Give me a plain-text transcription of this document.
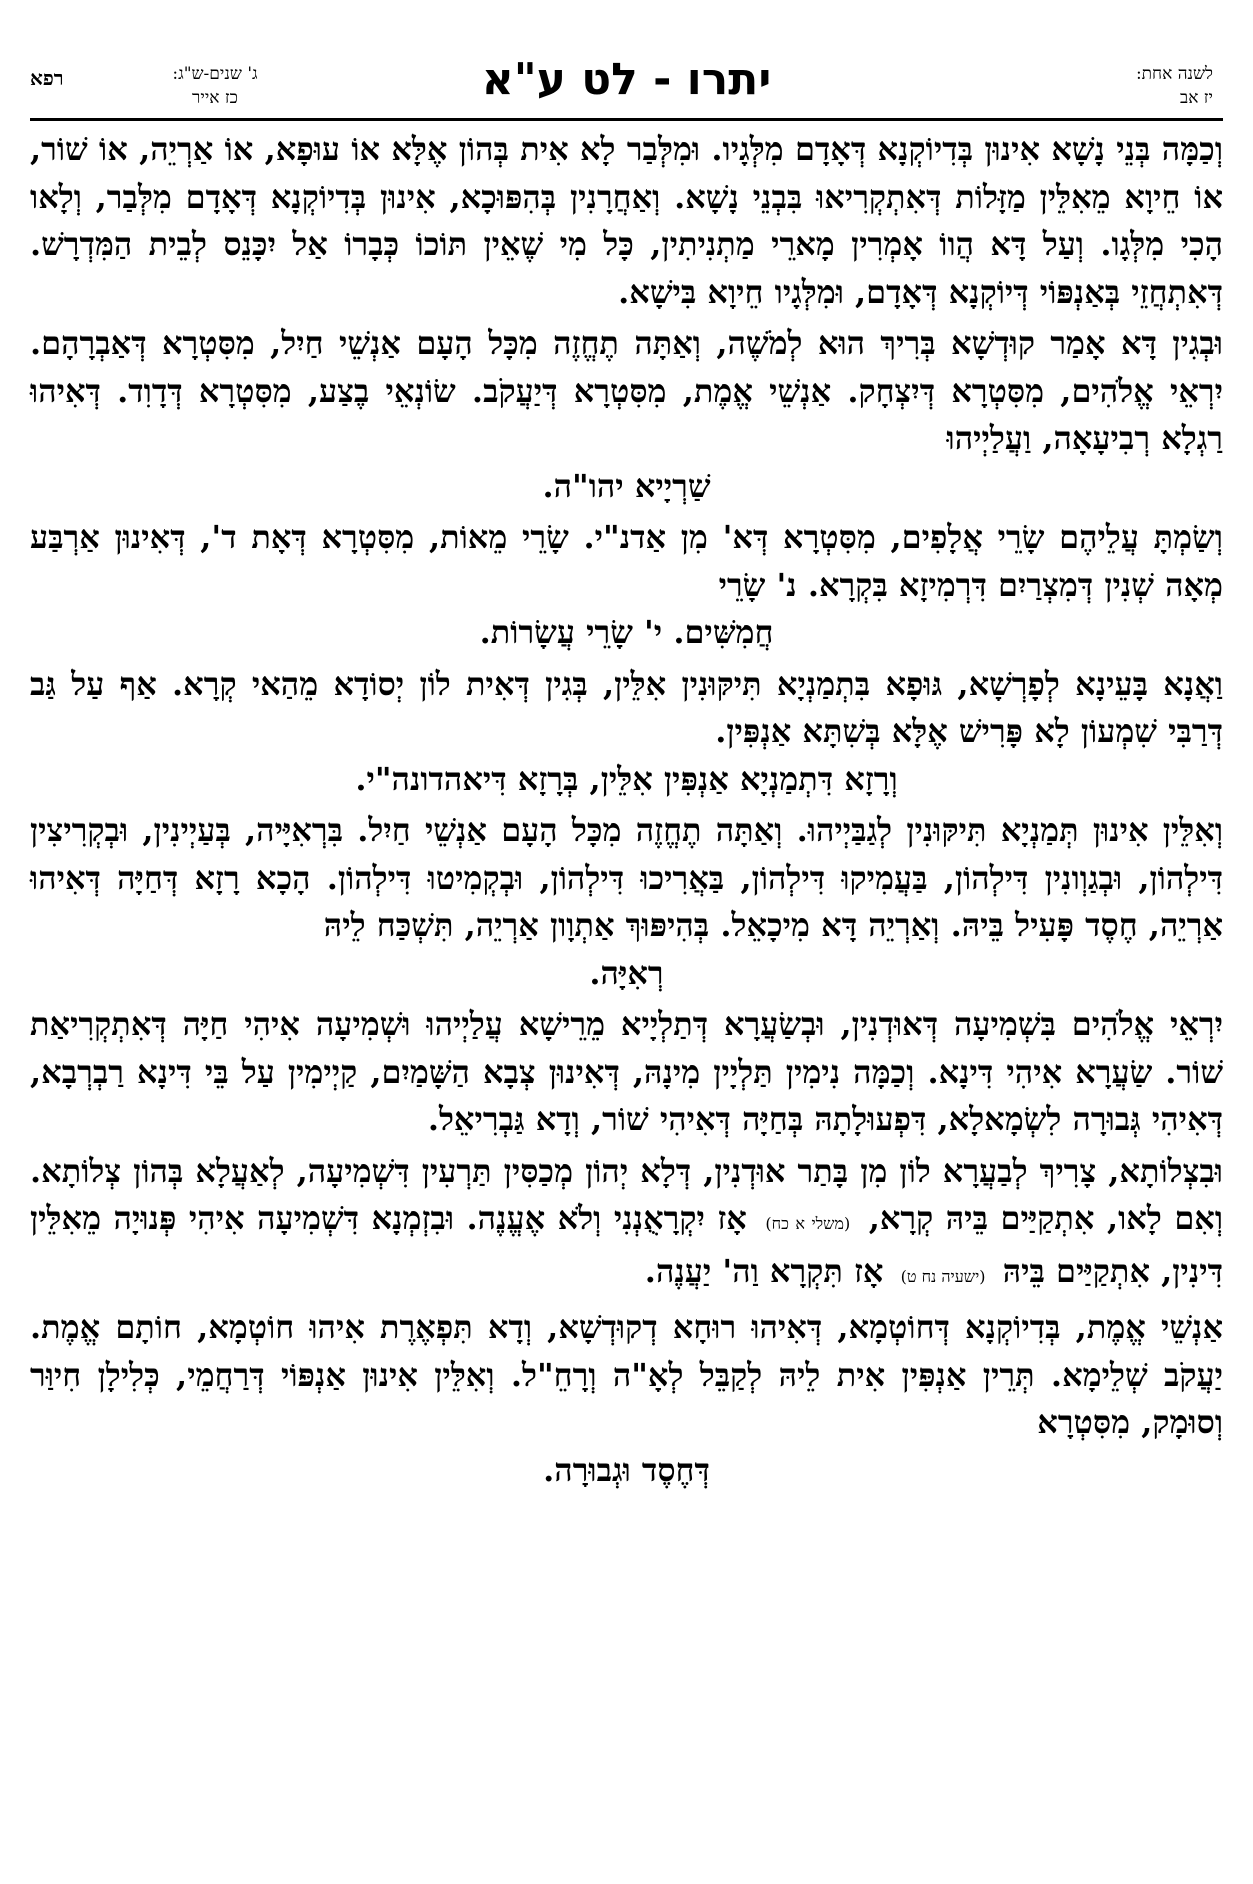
רפא	ג' שנים-ש"ג:
כז אייר	יתרו - לט ע"א	לשנה אחת:
יז אב

וְכַמָּה בְּנֵי נָשָׁא אִינוּן בְּדִיוֹקְנָא דְּאָדָם מִלְּגָיו. וּמִלְּבַר לָא אִית בְּהוֹן אֶלָּא אוֹ עוּפָא, אוֹ אַרְיֵה, אוֹ שׁוֹר, אוֹ חֵיוָא מֵאִלֵּין מַזָּלוֹת דְּאִתְקְרִיאוּ בִּבְנֵי נָשָׁא. וְאַחֲרָנִין בְּהִפּוּכָא, אִינוּן בְּדִיוֹקְנָא דְּאָדָם מִלְּבַר, וְלָאו הָכִי מִלְּגָו. וְעַל דָּא הֲווֹ אָמְרִין מָארֵי מַתְנִיתִין, כָּל מִי שֶׁאֵין תּוֹכוֹ כְּבָרוֹ אַל יִכָּנֵס לְבֵית הַמִּדְרָשׁ. דְּאִתְחֲזֵי בְּאַנְפּוֹי דְּיוֹקְנָא דְּאָדָם, וּמִלְּגָיו חֵיוָא בִּישָׁא.

וּבְגִין דָּא אָמַר קוּדְשָׁא בְּרִיךְ הוּא לְמֹשֶׁה, וְאַתָּה תֶחֱזֶה מִכָּל הָעָם אַנְשֵׁי חַיִל, מִסִּטְרָא דְּאַבְרָהָם. יִרְאֵי אֱלֹהִים, מִסִּטְרָא דְּיִצְחָק. אַנְשֵׁי אֱמֶת, מִסִּטְרָא דְּיַעֲקֹב. שׂוֹנְאֵי בֶצַע, מִסִּטְרָא דְּדָוִד. דְּאִיהוּ רַגְלָא רְבִיעָאָה, וַעֲלַיְיהוּ
שַׁרְיָיא יהו"ה.

וְשַׂמְתָּ עֲלֵיהֶם שָׂרֵי אֲלָפִים, מִסִּטְרָא דְּא' מִן אַדנ"י. שָׂרֵי מֵאוֹת, מִסִּטְרָא דְּאָת ד', דְּאִינוּן אַרְבַּע מְאָה שְׁנִין דְּמִצְרַיִם דִּרְמִיזָא בִּקְרָא. נ' שָׂרֵי
חֲמִשִּׁים. י' שָׂרֵי עֲשָׂרוֹת.

וַאֲנָא בָּעֵינָא לְפָרְשָׁא, גּוּפָא בִּתְמַנְיָא תִּיקּוּנִין אִלֵּין, בְּגִין דְּאִית לוֹן יְסוֹדָא מֵהַאי קְרָא. אַף עַל גַּב דְּרַבִּי שִׁמְעוֹן לָא פָּרִישׁ אֶלָּא בְּשִׁתָּא אַנְפִּין.
וְרָזָא דִּתְמַנְיָא אַנְפִּין אִלֵּין, בְּרָזָא דִּיאהדונה"י.

וְאִלֵּין אִינוּן תְּמַנְיָא תִּיקּוּנִין לְגַבַּיְיהוּ. וְאַתָּה תֶחֱזֶה מִכָּל הָעָם אַנְשֵׁי חַיִל. בִּרְאִיָּיה, בְּעַיְינִין, וּבְקְרִיצִין דִּילְהוֹן, וּבְגַוְונִין דִּילְהוֹן, בַּעֲמִיקוּ דִּילְהוֹן, בַּאֲרִיכוּ דִּילְהוֹן, וּבְקְמִיטוּ דִּילְהוֹן. הָכָא רָזָא דְּחַיָּה דְּאִיהוּ אַרְיֵה, חֶסֶד פָּעִיל בֵּיהּ. וְאַרְיֵה דָּא מִיכָאֵל. בְּהִיפּוּךְ אַתְוָון אַרְיֵה, תִּשְׁכַּח לֵיהּ
רְאִיָּה.

יִרְאֵי אֱלֹהִים בִּשְׁמִיעָה דְּאוּדְנִין, וּבְשַׂעֲרָא דְּתַלְיָיא מֵרֵישָׁא עֲלַיְיהוּ וּשְׁמִיעָה אִיהִי חַיָּה דְּאִתְקְרִיאַת שׁוֹר. שַׂעֲרָא אִיהִי דִּינָא. וְכַמָּה נִימִין תַּלְיָין מִינָהּ, דְּאִינוּן צְבָא הַשָּׁמַיִם, קַיְימִין עַל בֵּי דִּינָא רַבְרְבָא, דְּאִיהִי גְּבוּרָה לִשְׂמָאלָא, דִּפְעוּלָתָהּ בְּחַיָּה דְּאִיהִי שׁוֹר, וְדָא גַּבְרִיאֵל.

וּבִצְלוֹתָא, צָרִיךְ לְבַעֲרָא לוֹן מִן בָּתַר אוּדְנִין, דְּלָא יְהוֹן מְכַסִּין תַּרְעִין דִּשְׁמִיעָה, לְאַעֲלָא בְּהוֹן צְלוֹתָא. וְאִם לָאו, אִתְקַיַּים בֵּיהּ קְרָא, (משלי א כח) אָז יִקְרָאֻנְנִי וְלֹא אֶעֱנֶה. וּבִזְמְנָא דִּשְׁמִיעָה אִיהִי פְּנוּיָה מֵאִלֵּין דִּינִין, אִתְקַיַּים בֵּיהּ (ישעיה נח ט) אָז תִּקְרָא וַה' יַעֲנֶה.

אַנְשֵׁי אֱמֶת, בְּדִיוֹקְנָא דְּחוֹטְמָא, דְּאִיהוּ רוּחָא דְקוּדְשָׁא, וְדָא תִּפְאֶרֶת אִיהוּ חוֹטְמָא, חוֹתָם אֱמֶת. יַעֲקֹב שְׁלֵימָא. תְּרֵין אַנְפִּין אִית לֵיהּ לְקַבֵּל לְאָ"ה וְרָחֵ"ל. וְאִלֵּין אִינוּן אַנְפּוֹי דְּרַחֲמֵי, כְּלִילָן חִיוַּר וְסוּמָק, מִסִּטְרָא
דְּחֶסֶד וּגְבוּרָה.
